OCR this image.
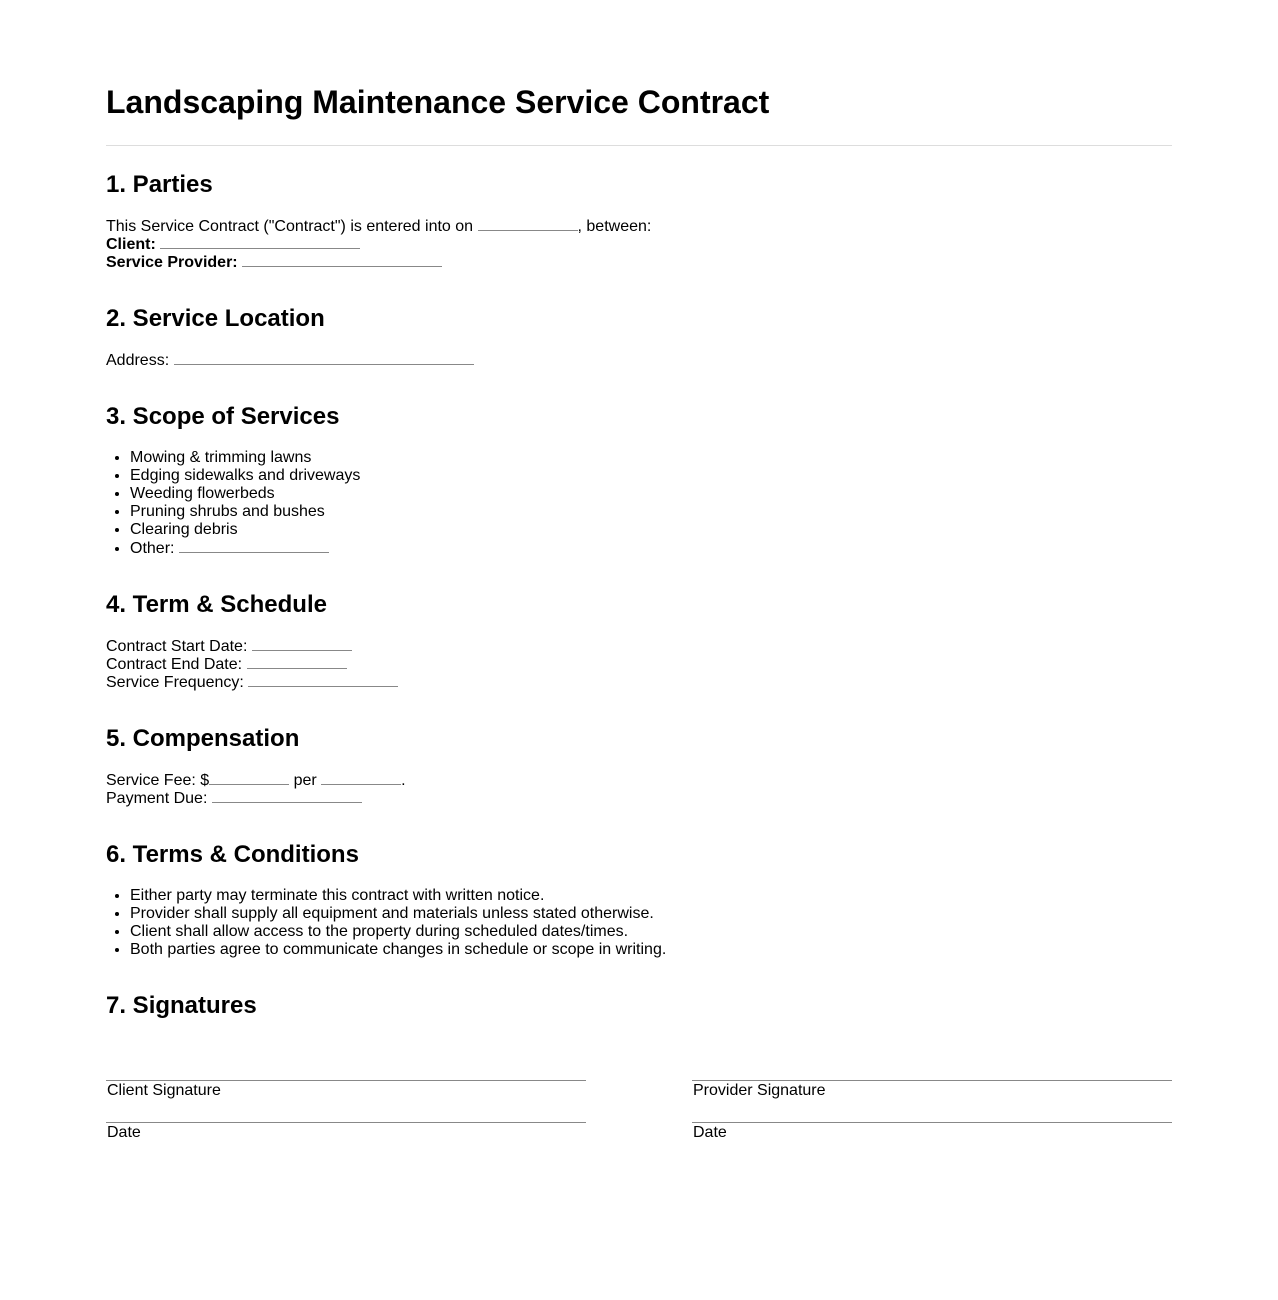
Landscaping Maintenance Service Contract
1. Parties
This Service Contract ("Contract") is entered into on	, between:
Client:
Service Provider:
2. Service Location
Address:
3. Scope of Services
• Mowing & trimming lawns
• Edging sidewalks and driveways
• Weeding flowerbeds
• Pruning shrubs and bushes
• Clearing debris
• Other:
4. Term & Schedule
Contract Start Date:
Contract End Date:
Service Frequency:
5. Compensation
Service Fee: $	per	.
Payment Due:
6. Terms & Conditions
• Either party may terminate this contract with written notice.
• Provider shall supply all equipment and materials unless stated otherwise.
• Client shall allow access to the property during scheduled dates/times.
• Both parties agree to communicate changes in schedule or scope in writing.
7. Signatures
Client Signature	Provider Signature
Date	Date
